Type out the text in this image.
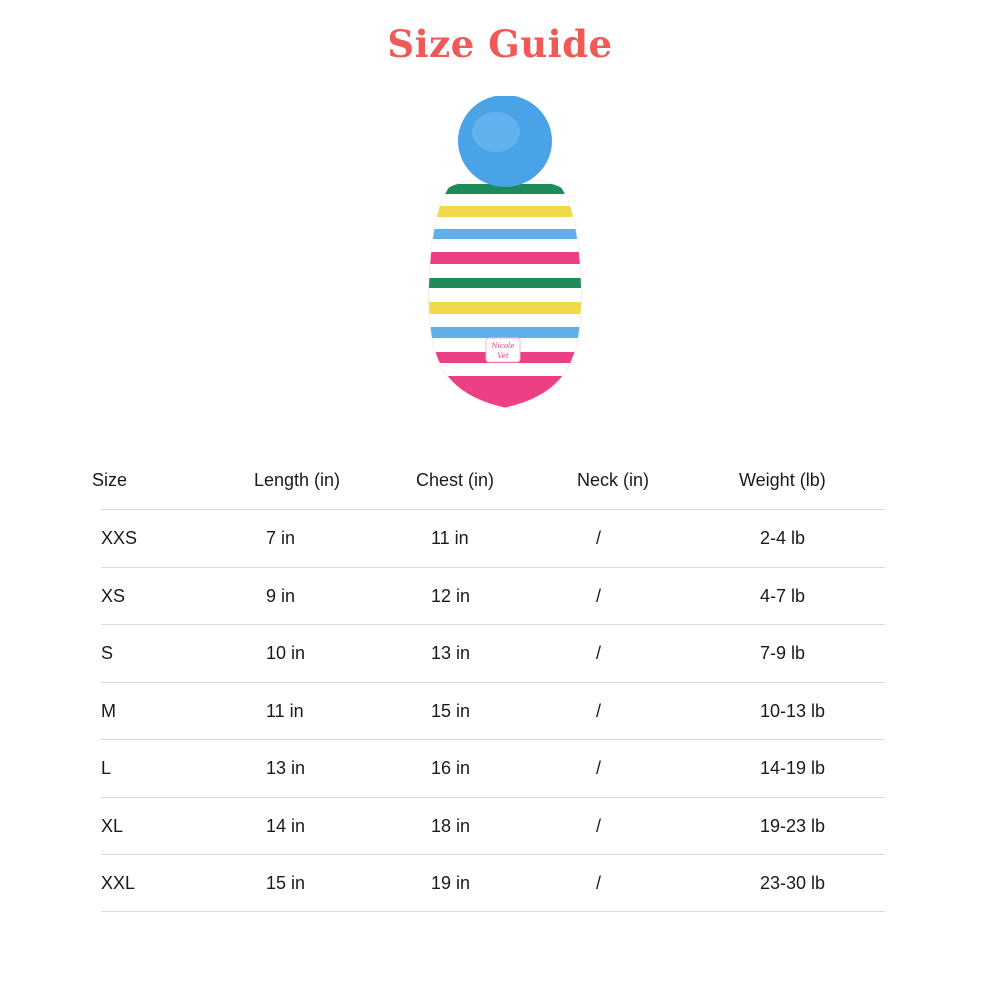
Size Guide
Nicole
Vet
Size	Length (in)	Chest (in)	Neck (in)	Weight (lb)
XXS	7 in	11 in	/	2-4 lb
XS	9 in	12 in	/	4-7 lb
S	10 in	13 in	/	7-9 lb
M	11 in	15 in	/	10-13 lb
L	13 in	16 in	/	14-19 lb
XL	14 in	18 in	/	19-23 lb
XXL	15 in	19 in	/	23-30 lb
